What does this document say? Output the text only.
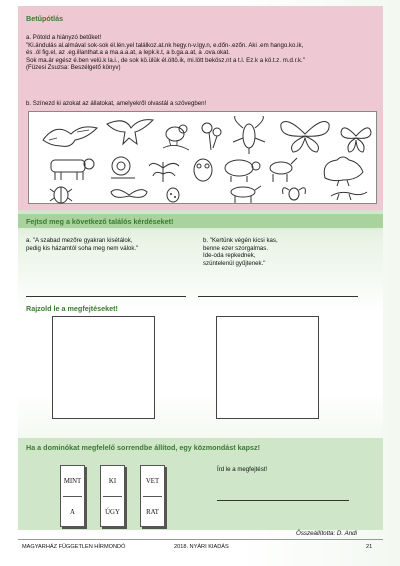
Betűpótlás
a. Pótold a hiányzó betűket!
"Ki.ándulás al.almával sok-sok él.lén.yel találkoz.at.nk hegy.n-v.lgy.n, e.dőn-.ezőn. Aki .em hango.ko.ik,
és .ól fig.el, az .eg.illanthat.a a ma.a.a.at, a lepk.k.t, a b.ga.a.at, a .ova.okat.
Sok ma.ár egész é.ben velü.k la.i., de sok kö.ülük él.öltö.ik, mi.lött bekösz.nt a t.l. Ez.k a kö.t.z. m.d.r.k."
(Füzesi Zsuzsa: Beszélgető könyv)
b. Színezd ki azokat az állatokat, amelyekről olvastál a szövegben!
Fejtsd meg a következő találós kérdéseket!
a. "A szabad mezőre gyakran kisétálok,
pedig kis házamtól soha meg nem válok."
b. "Kertünk végén kicsi kas,
benne ezer szorgalmas.
Ide-oda repkednek,
szüntelenül gyűjtenek."
Rajzold le a megfejtéseket!
Ha a dominókat megfelelő sorrendbe állítod, egy közmondást kapsz!
MINT
A
KI
ÚGY
VET
RAT
Írd le a megfejtést!
Összeállította: D. Andi
MAGYARHÁZ FÜGGETLEN HÍRMONDÓ	2018. NYÁRI KIADÁS	21
